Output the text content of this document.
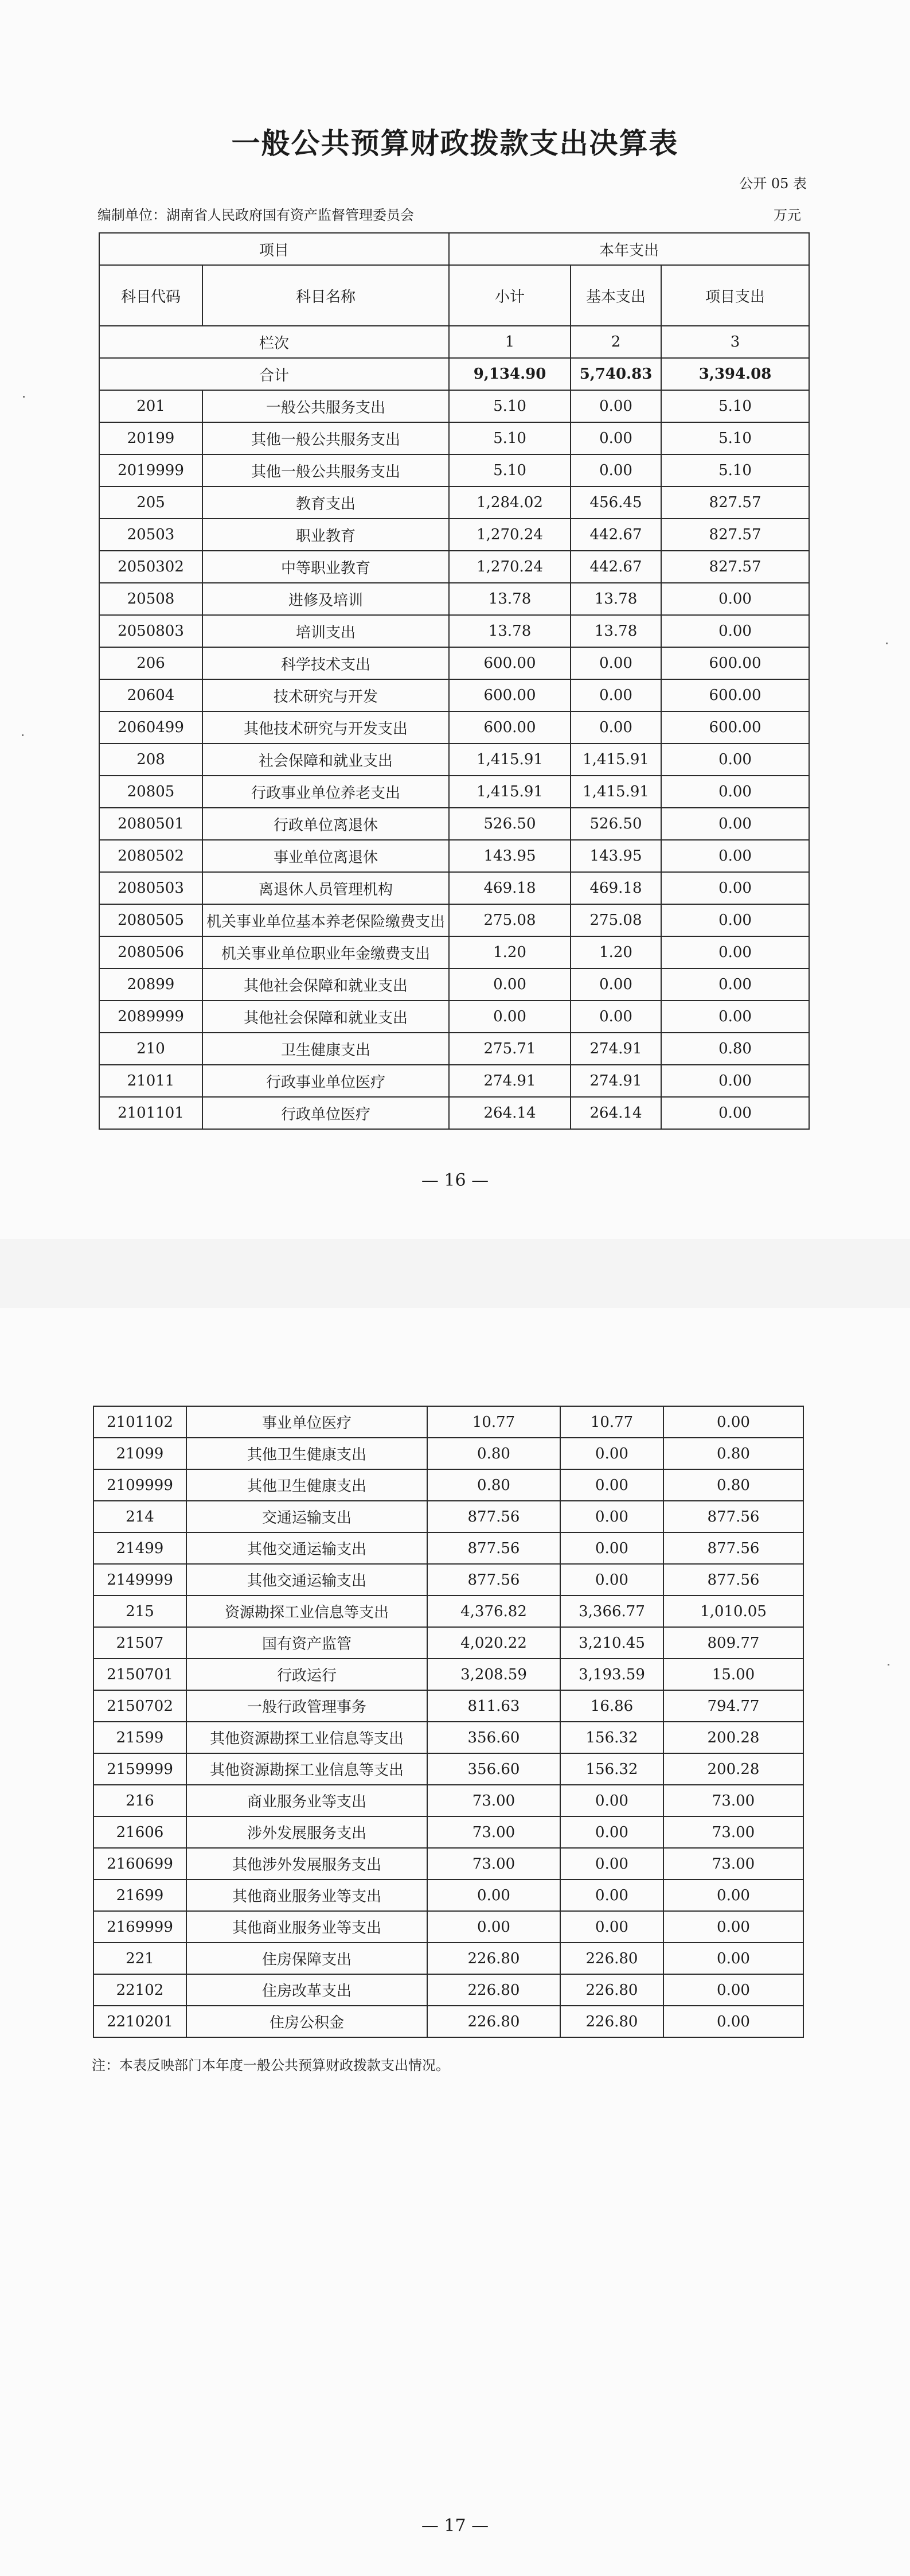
一般公共预算财政拨款支出决算表
公开 05 表
编制单位：湖南省人民政府国有资产监督管理委员会	万元
项目		本年支出		
科目代码	科目名称	小计	基本支出	项目支出
栏次		1	2	3
合计		9,134.90	5,740.83	3,394.08
201	一般公共服务支出	5.10	0.00	5.10
20199	其他一般公共服务支出	5.10	0.00	5.10
2019999	其他一般公共服务支出	5.10	0.00	5.10
205	教育支出	1,284.02	456.45	827.57
20503	职业教育	1,270.24	442.67	827.57
2050302	中等职业教育	1,270.24	442.67	827.57
20508	进修及培训	13.78	13.78	0.00
2050803	培训支出	13.78	13.78	0.00
206	科学技术支出	600.00	0.00	600.00
20604	技术研究与开发	600.00	0.00	600.00
2060499	其他技术研究与开发支出	600.00	0.00	600.00
208	社会保障和就业支出	1,415.91	1,415.91	0.00
20805	行政事业单位养老支出	1,415.91	1,415.91	0.00
2080501	行政单位离退休	526.50	526.50	0.00
2080502	事业单位离退休	143.95	143.95	0.00
2080503	离退休人员管理机构	469.18	469.18	0.00
2080505	机关事业单位基本养老保险缴费支出	275.08	275.08	0.00
2080506	机关事业单位职业年金缴费支出	1.20	1.20	0.00
20899	其他社会保障和就业支出	0.00	0.00	0.00
2089999	其他社会保障和就业支出	0.00	0.00	0.00
210	卫生健康支出	275.71	274.91	0.80
21011	行政事业单位医疗	274.91	274.91	0.00
2101101	行政单位医疗	264.14	264.14	0.00
— 16 —
2101102	事业单位医疗	10.77	10.77	0.00
21099	其他卫生健康支出	0.80	0.00	0.80
2109999	其他卫生健康支出	0.80	0.00	0.80
214	交通运输支出	877.56	0.00	877.56
21499	其他交通运输支出	877.56	0.00	877.56
2149999	其他交通运输支出	877.56	0.00	877.56
215	资源勘探工业信息等支出	4,376.82	3,366.77	1,010.05
21507	国有资产监管	4,020.22	3,210.45	809.77
2150701	行政运行	3,208.59	3,193.59	15.00
2150702	一般行政管理事务	811.63	16.86	794.77
21599	其他资源勘探工业信息等支出	356.60	156.32	200.28
2159999	其他资源勘探工业信息等支出	356.60	156.32	200.28
216	商业服务业等支出	73.00	0.00	73.00
21606	涉外发展服务支出	73.00	0.00	73.00
2160699	其他涉外发展服务支出	73.00	0.00	73.00
21699	其他商业服务业等支出	0.00	0.00	0.00
2169999	其他商业服务业等支出	0.00	0.00	0.00
221	住房保障支出	226.80	226.80	0.00
22102	住房改革支出	226.80	226.80	0.00
2210201	住房公积金	226.80	226.80	0.00
注：本表反映部门本年度一般公共预算财政拨款支出情况。
— 17 —
